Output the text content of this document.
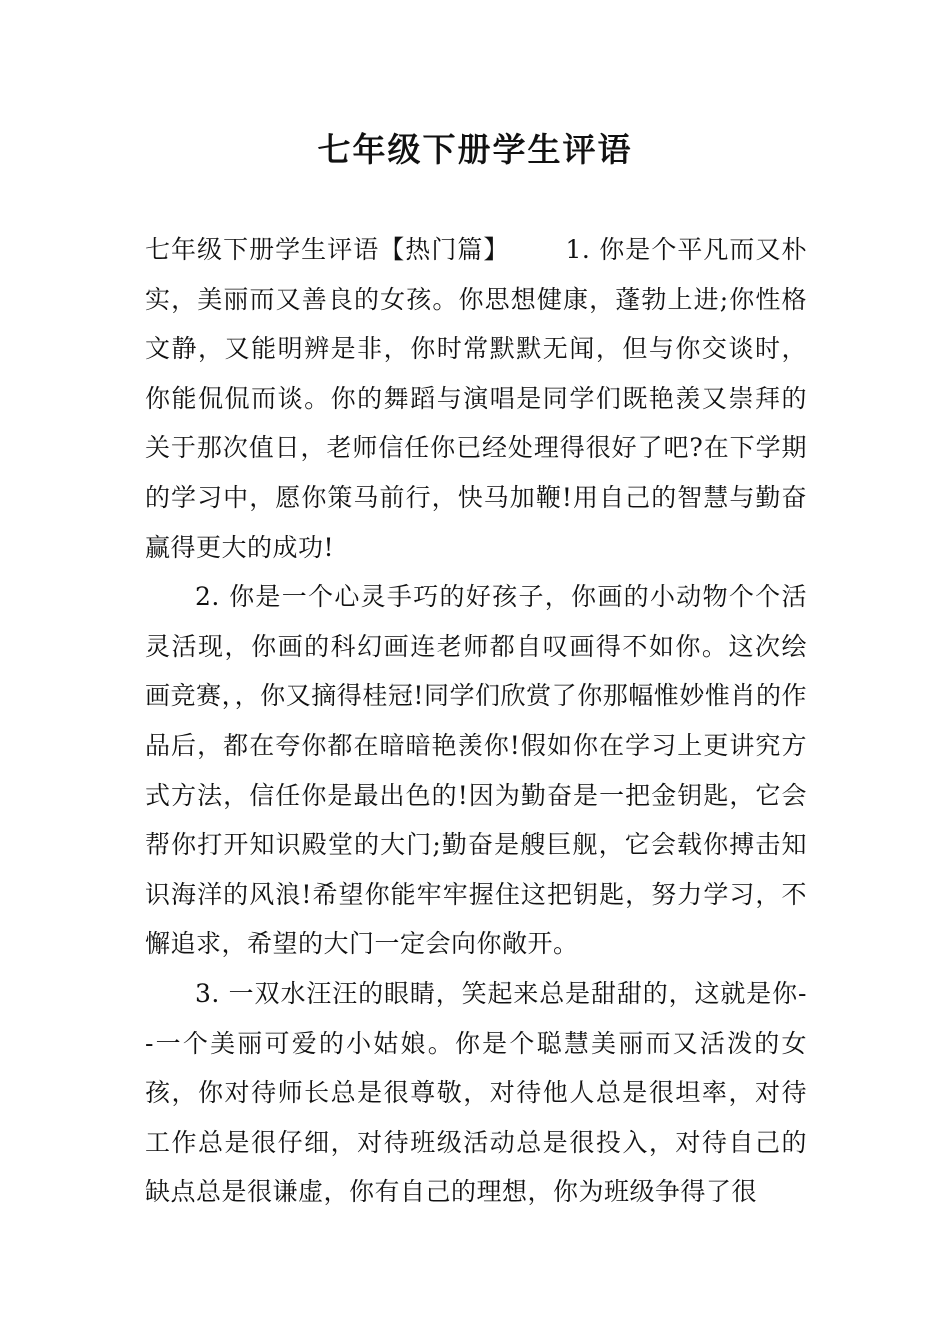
七年级下册学生评语

七年级下册学生评语【热门篇】 1. 你是个平凡而又朴实，美丽而又善良的女孩。你思想健康，蓬勃上进;你性格文静，又能明辨是非，你时常默默无闻，但与你交谈时，你能侃侃而谈。你的舞蹈与演唱是同学们既艳羡又崇拜的关于那次值日，老师信任你已经处理得很好了吧?在下学期的学习中，愿你策马前行，快马加鞭!用自己的智慧与勤奋赢得更大的成功!

2. 你是一个心灵手巧的好孩子，你画的小动物个个活灵活现，你画的科幻画连老师都自叹画得不如你。这次绘画竞赛，，你又摘得桂冠!同学们欣赏了你那幅惟妙惟肖的作品后，都在夸你都在暗暗艳羡你!假如你在学习上更讲究方式方法，信任你是最出色的!因为勤奋是一把金钥匙，它会帮你打开知识殿堂的大门;勤奋是艘巨舰，它会载你搏击知识海洋的风浪!希望你能牢牢握住这把钥匙，努力学习，不懈追求，希望的大门一定会向你敞开。

3. 一双水汪汪的眼睛，笑起来总是甜甜的，这就是你--一个美丽可爱的小姑娘。你是个聪慧美丽而又活泼的女孩，你对待师长总是很尊敬，对待他人总是很坦率，对待工作总是很仔细，对待班级活动总是很投入，对待自己的缺点总是很谦虚，你有自己的理想，你为班级争得了很
